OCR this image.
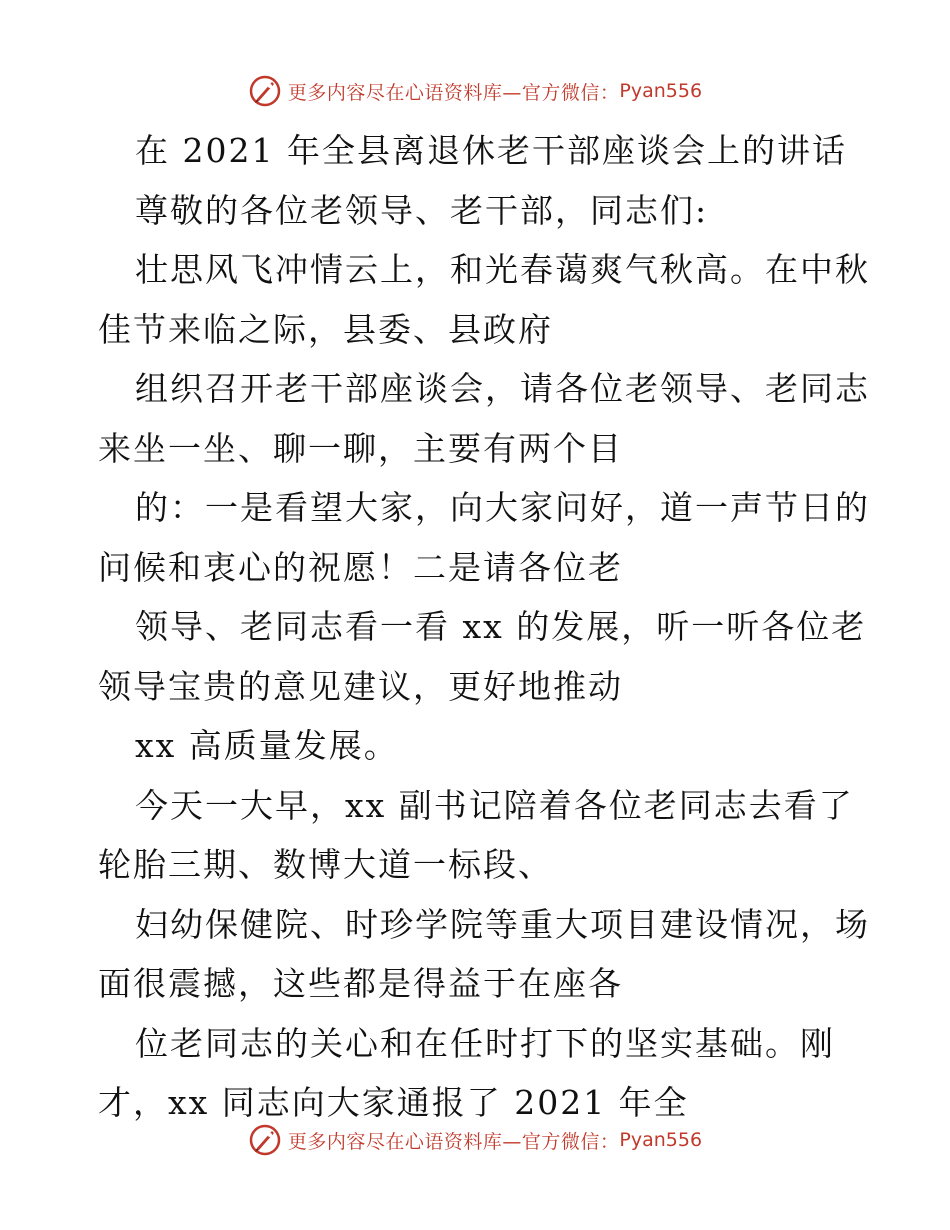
更多内容尽在心语资料库—官方微信： Pyan556
在 2021 年全县离退休老干部座谈会上的讲话
尊敬的各位老领导、老干部，同志们:
壮思风飞冲情云上，和光春蔼爽气秋高。在中秋
佳节来临之际，县委、县政府
组织召开老干部座谈会，请各位老领导、老同志
来坐一坐、聊一聊，主要有两个目
的：一是看望大家，向大家问好，道一声节日的
问候和衷心的祝愿！二是请各位老
领导、老同志看一看 xx 的发展，听一听各位老
领导宝贵的意见建议，更好地推动
xx 高质量发展。
今天一大早，xx 副书记陪着各位老同志去看了
轮胎三期、数博大道一标段、
妇幼保健院、时珍学院等重大项目建设情况，场
面很震撼，这些都是得益于在座各
位老同志的关心和在任时打下的坚实基础。刚
才，xx 同志向大家通报了 2021 年全
更多内容尽在心语资料库—官方微信： Pyan556
